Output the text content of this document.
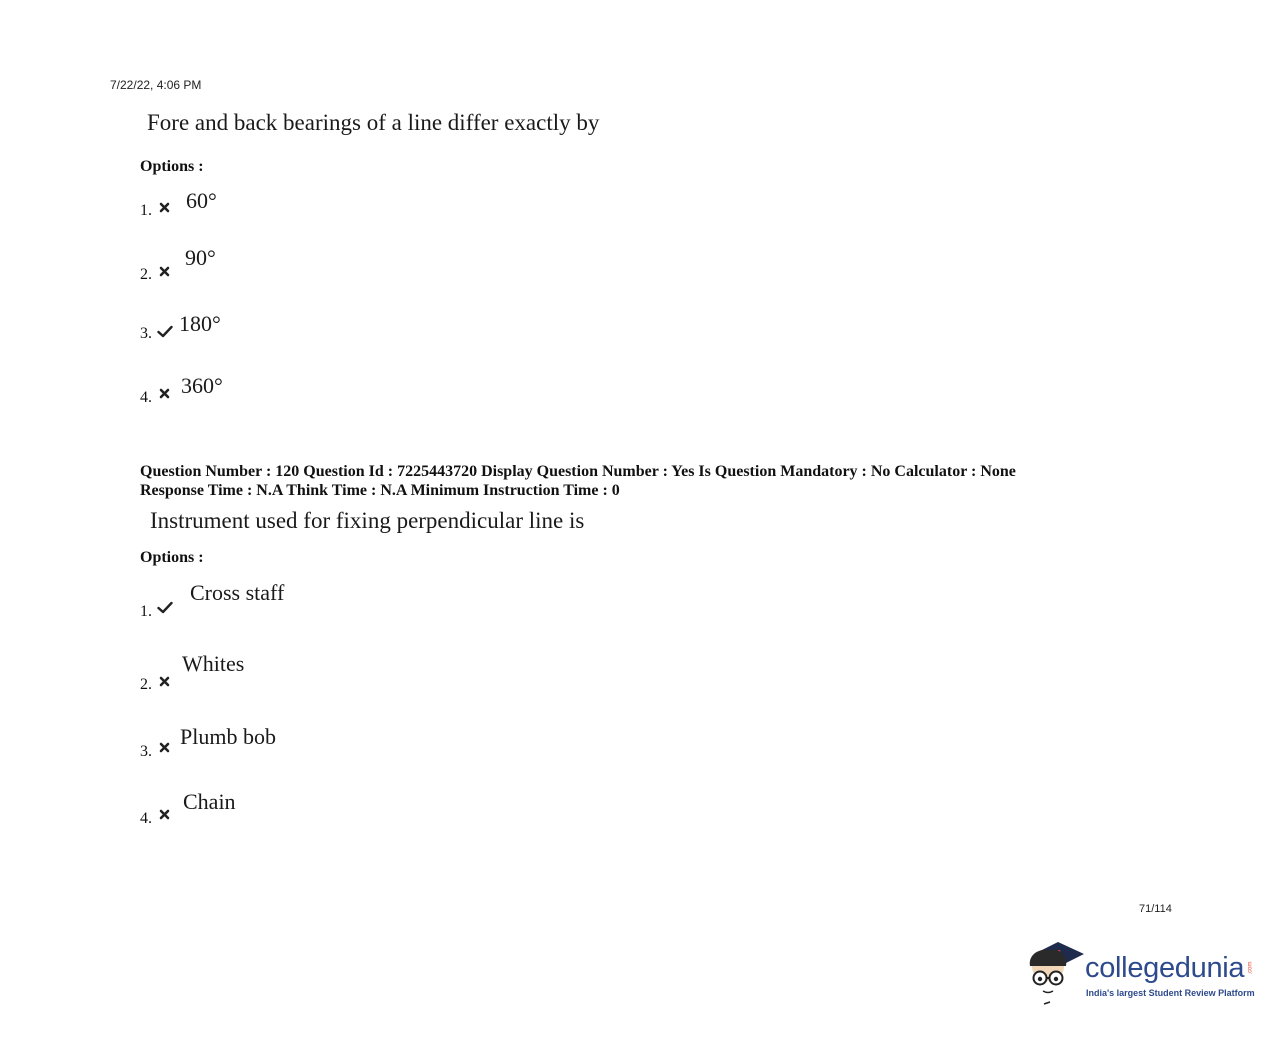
7/22/22, 4:06 PM
Fore and back bearings of a line differ exactly by
Options :
1. 60°
2.
90°
3. 180°
4. 360°
Question Number : 120 Question Id : 7225443720 Display Question Number : Yes Is Question Mandatory : No Calculator : None
Response Time : N.A Think Time : N.A Minimum Instruction Time : 0
Instrument used for fixing perpendicular line is
Options :
1.
Cross staff
2.
Whites
3.
Plumb bob
4.
Chain
71/114
collegedunia .com
India's largest Student Review Platform
